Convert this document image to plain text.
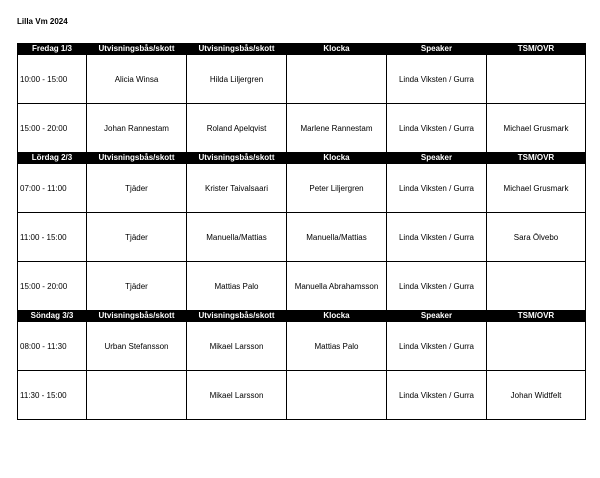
Lilla Vm 2024
Fredag 1/3	Utvisningsbås/skott	Utvisningsbås/skott	Klocka	Speaker	TSM/OVR
10:00 - 15:00	Alicia Winsa	Hilda Liljergren		Linda Viksten / Gurra	
15:00 - 20:00	Johan Rannestam	Roland Apelqvist	Marlene Rannestam	Linda Viksten / Gurra	Michael Grusmark
Lördag 2/3	Utvisningsbås/skott	Utvisningsbås/skott	Klocka	Speaker	TSM/OVR
07:00 - 11:00	Tjäder	Krister Taivalsaari	Peter Liljergren	Linda Viksten / Gurra	Michael Grusmark
11:00 - 15:00	Tjäder	Manuella/Mattias	Manuella/Mattias	Linda Viksten / Gurra	Sara Ölvebo
15:00 - 20:00	Tjäder	Mattias Palo	Manuella Abrahamsson	Linda Viksten / Gurra	
Söndag 3/3	Utvisningsbås/skott	Utvisningsbås/skott	Klocka	Speaker	TSM/OVR
08:00 - 11:30	Urban Stefansson	Mikael Larsson	Mattias Palo	Linda Viksten / Gurra	
11:30 - 15:00		Mikael Larsson		Linda Viksten / Gurra	Johan Widtfelt
